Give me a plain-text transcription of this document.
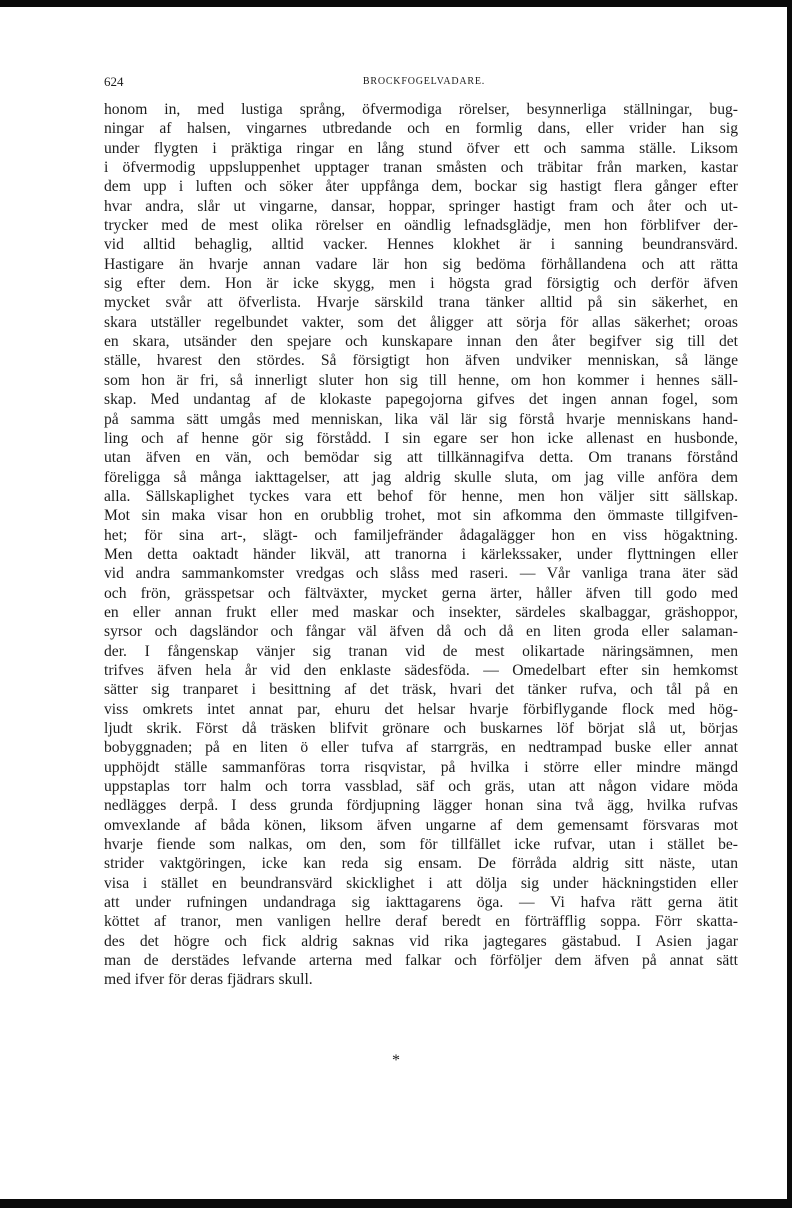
624	BROCKFOGELVADARE.
honom in, med lustiga språng, öfvermodiga rörelser, besynnerliga ställningar, bug-
ningar af halsen, vingarnes utbredande och en formlig dans, eller vrider han sig
under flygten i präktiga ringar en lång stund öfver ett och samma ställe. Liksom
i öfvermodig uppsluppenhet upptager tranan småsten och träbitar från marken, kastar
dem upp i luften och söker åter uppfånga dem, bockar sig hastigt flera gånger efter
hvar andra, slår ut vingarne, dansar, hoppar, springer hastigt fram och åter och ut-
trycker med de mest olika rörelser en oändlig lefnadsglädje, men hon förblifver der-
vid alltid behaglig, alltid vacker. Hennes klokhet är i sanning beundransvärd.
Hastigare än hvarje annan vadare lär hon sig bedöma förhållandena och att rätta
sig efter dem. Hon är icke skygg, men i högsta grad försigtig och derför äfven
mycket svår att öfverlista. Hvarje särskild trana tänker alltid på sin säkerhet, en
skara utställer regelbundet vakter, som det åligger att sörja för allas säkerhet; oroas
en skara, utsänder den spejare och kunskapare innan den åter begifver sig till det
ställe, hvarest den stördes. Så försigtigt hon äfven undviker menniskan, så länge
som hon är fri, så innerligt sluter hon sig till henne, om hon kommer i hennes säll-
skap. Med undantag af de klokaste papegojorna gifves det ingen annan fogel, som
på samma sätt umgås med menniskan, lika väl lär sig förstå hvarje menniskans hand-
ling och af henne gör sig förstådd. I sin egare ser hon icke allenast en husbonde,
utan äfven en vän, och bemödar sig att tillkännagifva detta. Om tranans förstånd
föreligga så många iakttagelser, att jag aldrig skulle sluta, om jag ville anföra dem
alla. Sällskaplighet tyckes vara ett behof för henne, men hon väljer sitt sällskap.
Mot sin maka visar hon en orubblig trohet, mot sin afkomma den ömmaste tillgifven-
het; för sina art-, slägt- och familjefränder ådagalägger hon en viss högaktning.
Men detta oaktadt händer likväl, att tranorna i kärlekssaker, under flyttningen eller
vid andra sammankomster vredgas och slåss med raseri. — Vår vanliga trana äter säd
och frön, grässpetsar och fältväxter, mycket gerna ärter, håller äfven till godo med
en eller annan frukt eller med maskar och insekter, särdeles skalbaggar, gräshoppor,
syrsor och dagsländor och fångar väl äfven då och då en liten groda eller salaman-
der. I fångenskap vänjer sig tranan vid de mest olikartade näringsämnen, men
trifves äfven hela år vid den enklaste sädesföda. — Omedelbart efter sin hemkomst
sätter sig tranparet i besittning af det träsk, hvari det tänker rufva, och tål på en
viss omkrets intet annat par, ehuru det helsar hvarje förbiflygande flock med hög-
ljudt skrik. Först då träsken blifvit grönare och buskarnes löf börjat slå ut, börjas
bobyggnaden; på en liten ö eller tufva af starrgräs, en nedtrampad buske eller annat
upphöjdt ställe sammanföras torra risqvistar, på hvilka i större eller mindre mängd
uppstaplas torr halm och torra vassblad, säf och gräs, utan att någon vidare möda
nedlägges derpå. I dess grunda fördjupning lägger honan sina två ägg, hvilka rufvas
omvexlande af båda könen, liksom äfven ungarne af dem gemensamt försvaras mot
hvarje fiende som nalkas, om den, som för tillfället icke rufvar, utan i stället be-
strider vaktgöringen, icke kan reda sig ensam. De förråda aldrig sitt näste, utan
visa i stället en beundransvärd skicklighet i att dölja sig under häckningstiden eller
att under rufningen undandraga sig iakttagarens öga. — Vi hafva rätt gerna ätit
köttet af tranor, men vanligen hellre deraf beredt en förträfflig soppa. Förr skatta-
des det högre och fick aldrig saknas vid rika jagtegares gästabud. I Asien jagar
man de derstädes lefvande arterna med falkar och förföljer dem äfven på annat sätt
med ifver för deras fjädrars skull.
*
